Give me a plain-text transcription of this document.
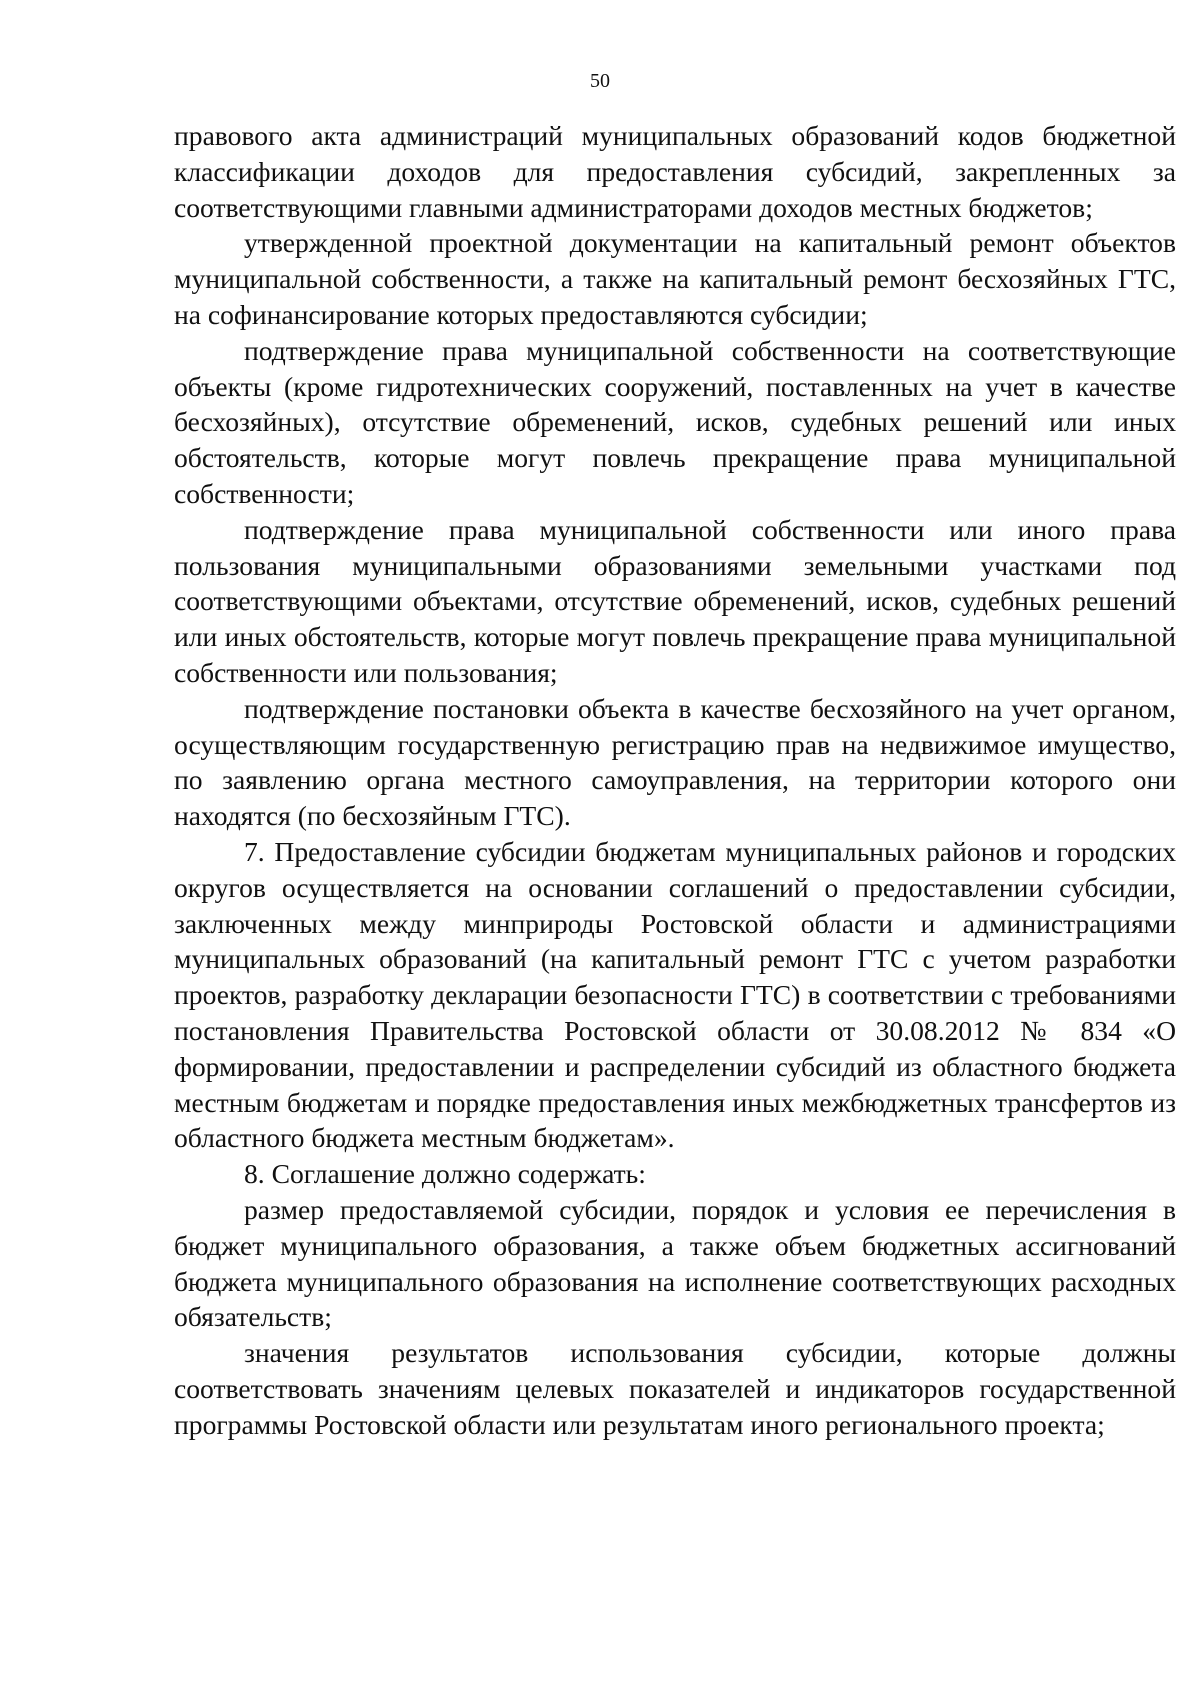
50

правового акта администраций муниципальных образований кодов бюджетной классификации доходов для предоставления субсидий, закрепленных за соответствующими главными администраторами доходов местных бюджетов;

утвержденной проектной документации на капитальный ремонт объектов муниципальной собственности, а также на капитальный ремонт бесхозяйных ГТС, на софинансирование которых предоставляются субсидии;

подтверждение права муниципальной собственности на соответствующие объекты (кроме гидротехнических сооружений, поставленных на учет в качестве бесхозяйных), отсутствие обременений, исков, судебных решений или иных обстоятельств, которые могут повлечь прекращение права муниципальной собственности;

подтверждение права муниципальной собственности или иного права пользования муниципальными образованиями земельными участками под соответствующими объектами, отсутствие обременений, исков, судебных решений или иных обстоятельств, которые могут повлечь прекращение права муниципальной собственности или пользования;

подтверждение постановки объекта в качестве бесхозяйного на учет органом, осуществляющим государственную регистрацию прав на недвижимое имущество, по заявлению органа местного самоуправления, на территории которого они находятся (по бесхозяйным ГТС).

7. Предоставление субсидии бюджетам муниципальных районов и городских округов осуществляется на основании соглашений о предоставлении субсидии, заключенных между минприроды Ростовской области и администрациями муниципальных образований (на капитальный ремонт ГТС с учетом разработки проектов, разработку декларации безопасности ГТС) в соответствии с требованиями постановления Правительства Ростовской области от 30.08.2012 № 834 «О формировании, предоставлении и распределении субсидий из областного бюджета местным бюджетам и порядке предоставления иных межбюджетных трансфертов из областного бюджета местным бюджетам».

8. Соглашение должно содержать:

размер предоставляемой субсидии, порядок и условия ее перечисления в бюджет муниципального образования, а также объем бюджетных ассигнований бюджета муниципального образования на исполнение соответствующих расходных обязательств;

значения результатов использования субсидии, которые должны соответствовать значениям целевых показателей и индикаторов государственной программы Ростовской области или результатам иного регионального проекта;
